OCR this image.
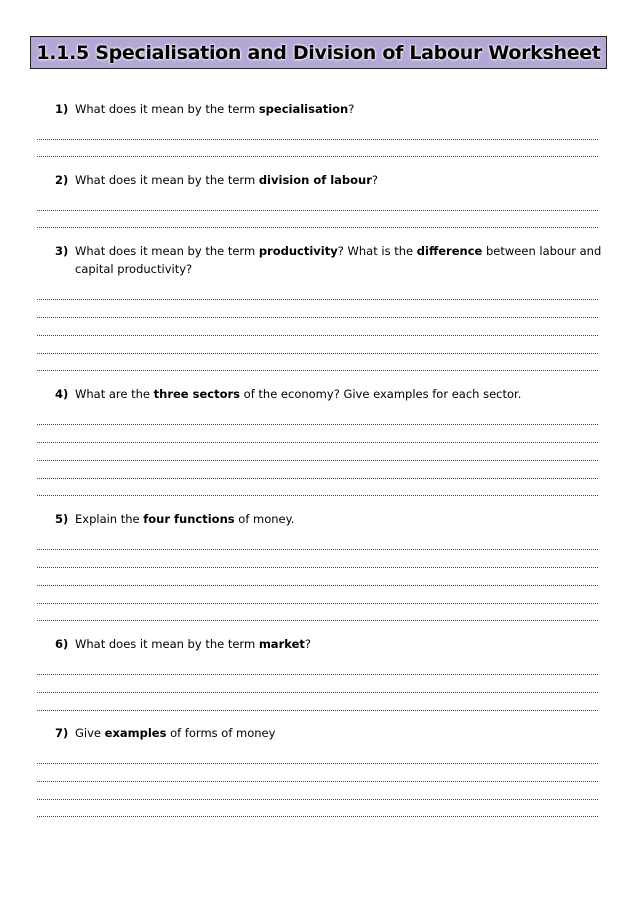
1.1.5 Specialisation and Division of Labour Worksheet
1) What does it mean by the term specialisation?
2) What does it mean by the term division of labour?
3) What does it mean by the term productivity? What is the difference between labour and capital productivity?
4) What are the three sectors of the economy? Give examples for each sector.
5) Explain the four functions of money.
6) What does it mean by the term market?
7) Give examples of forms of money
